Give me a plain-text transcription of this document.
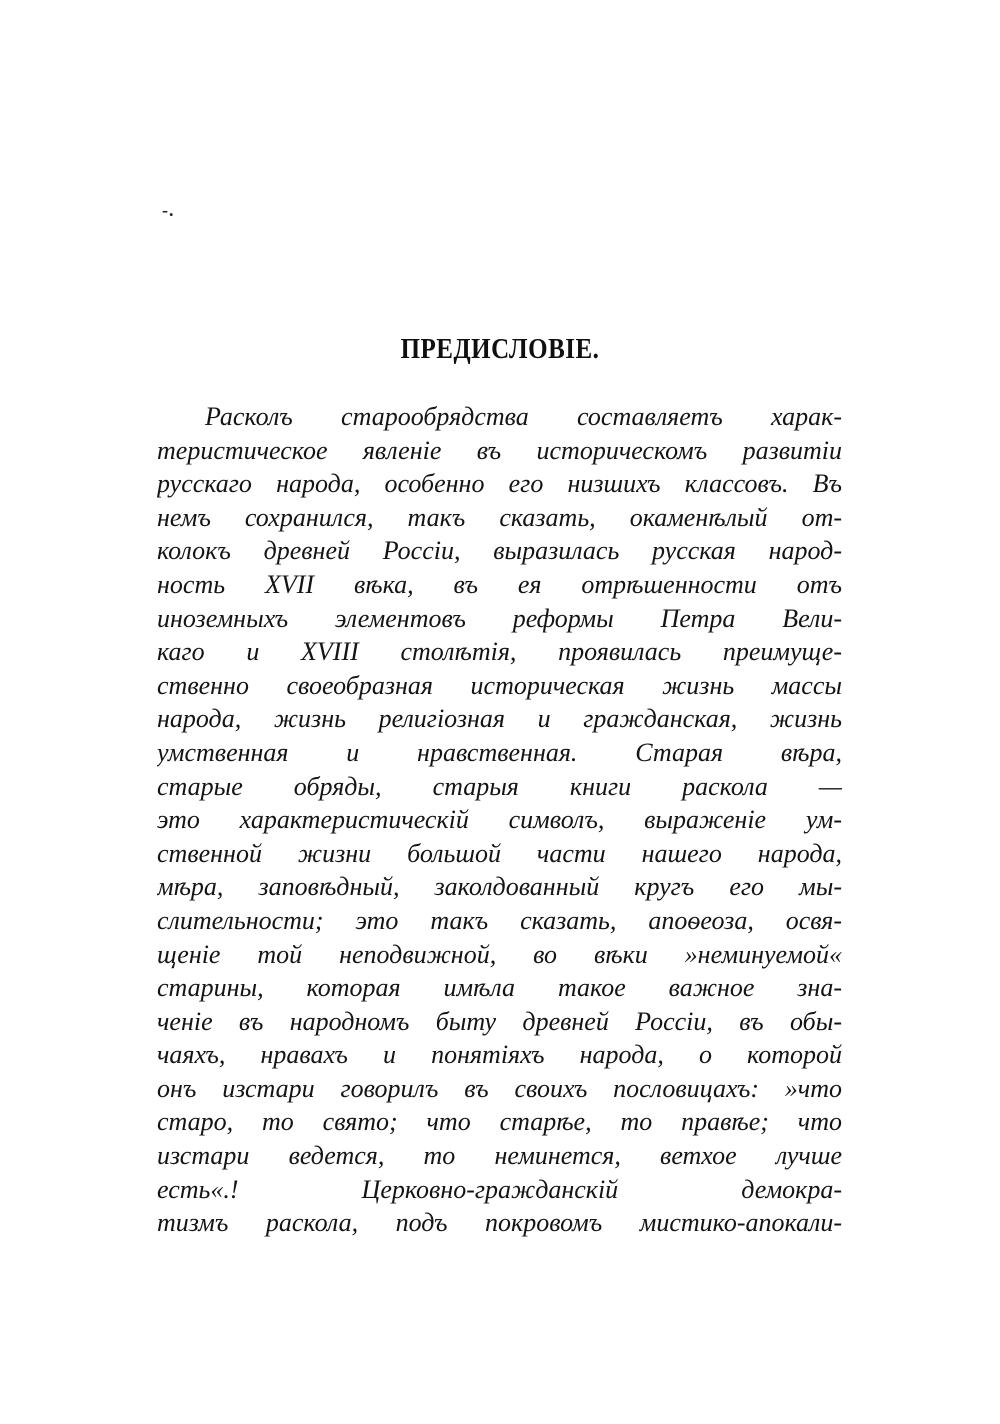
-.
ПРЕДИСЛОВІЕ.
Расколъ старообрядства составляетъ харак-
теристическое явленіе въ историческомъ развитіи
русскаго народа, особенно его низшихъ классовъ. Въ
немъ сохранился, такъ сказать, окаменѣлый от-
колокъ древней Россіи, выразилась русская народ-
ность XVII вѣка, въ ея отрѣшенности отъ
иноземныхъ элементовъ реформы Петра Вели-
каго и XVIII столѣтія, проявилась преимуще-
ственно своеобразная историческая жизнь массы
народа, жизнь религіозная и гражданская, жизнь
умственная и нравственная. Старая вѣра,
старые обряды, старыя книги раскола —
это характеристическій символъ, выраженіе ум-
ственной жизни большой части нашего народа,
мѣра, заповѣдный, заколдованный кругъ его мы-
слительности; это такъ сказать, апоѳеоза, освя-
щеніе той неподвижной, во вѣки »неминуемой«
старины, которая имѣла такое важное зна-
ченіе въ народномъ быту древней Россіи, въ обы-
чаяхъ, нравахъ и понятіяхъ народа, о которой
онъ изстари говорилъ въ своихъ пословицахъ: »что
старо, то свято; что старѣе, то правѣе; что
изстари ведется, то неминется, ветхое лучше
есть«.! Церковно-гражданскій демокра-
тизмъ раскола, подъ покровомъ мистико-апокали-
